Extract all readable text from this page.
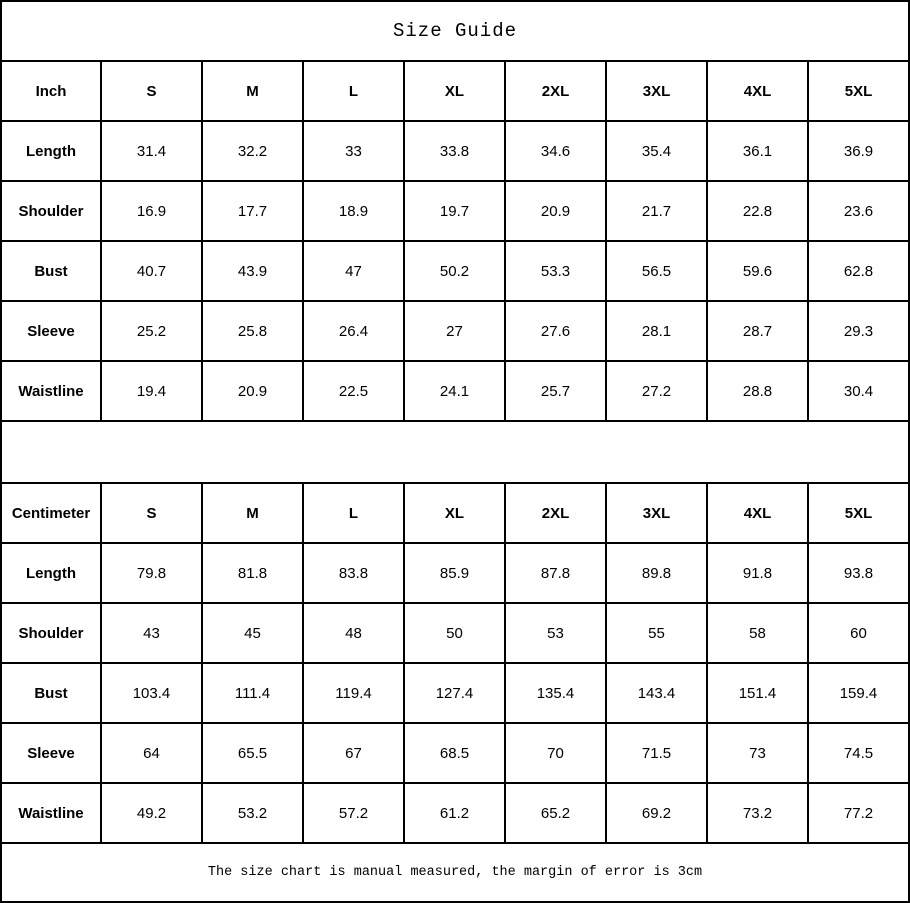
Size Guide								
Inch	S	M	L	XL	2XL	3XL	4XL	5XL
Length	31.4	32.2	33	33.8	34.6	35.4	36.1	36.9
Shoulder	16.9	17.7	18.9	19.7	20.9	21.7	22.8	23.6
Bust	40.7	43.9	47	50.2	53.3	56.5	59.6	62.8
Sleeve	25.2	25.8	26.4	27	27.6	28.1	28.7	29.3
Waistline	19.4	20.9	22.5	24.1	25.7	27.2	28.8	30.4

Centimeter	S	M	L	XL	2XL	3XL	4XL	5XL
Length	79.8	81.8	83.8	85.9	87.8	89.8	91.8	93.8
Shoulder	43	45	48	50	53	55	58	60
Bust	103.4	111.4	119.4	127.4	135.4	143.4	151.4	159.4
Sleeve	64	65.5	67	68.5	70	71.5	73	74.5
Waistline	49.2	53.2	57.2	61.2	65.2	69.2	73.2	77.2
The size chart is manual measured, the margin of error is 3cm								
